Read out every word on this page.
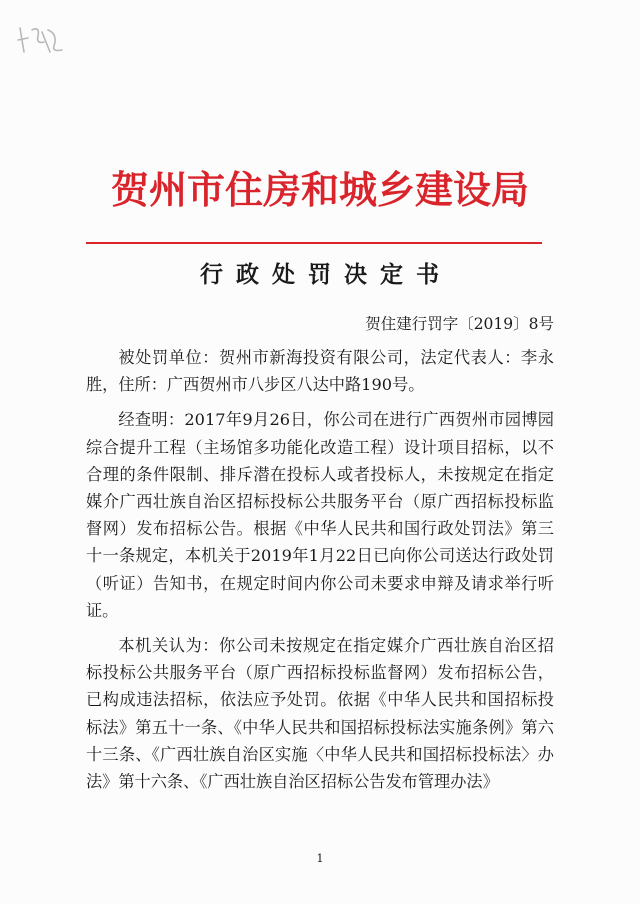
贺州市住房和城乡建设局
行政处罚决定书
贺住建行罚字〔2019〕8号

被处罚单位：贺州市新海投资有限公司，法定代表人：李永胜，住所：广西贺州市八步区八达中路190号。

经查明：2017年9月26日，你公司在进行广西贺州市园博园综合提升工程（主场馆多功能化改造工程）设计项目招标，以不合理的条件限制、排斥潜在投标人或者投标人，未按规定在指定媒介广西壮族自治区招标投标公共服务平台（原广西招标投标监督网）发布招标公告。根据《中华人民共和国行政处罚法》第三十一条规定，本机关于2019年1月22日已向你公司送达行政处罚（听证）告知书，在规定时间内你公司未要求申辩及请求举行听证。

本机关认为：你公司未按规定在指定媒介广西壮族自治区招标投标公共服务平台（原广西招标投标监督网）发布招标公告，已构成违法招标，依法应予处罚。依据《中华人民共和国招标投标法》第五十一条、《中华人民共和国招标投标法实施条例》第六十三条、《广西壮族自治区实施〈中华人民共和国招标投标法〉办法》第十六条、《广西壮族自治区招标公告发布管理办法》

1
